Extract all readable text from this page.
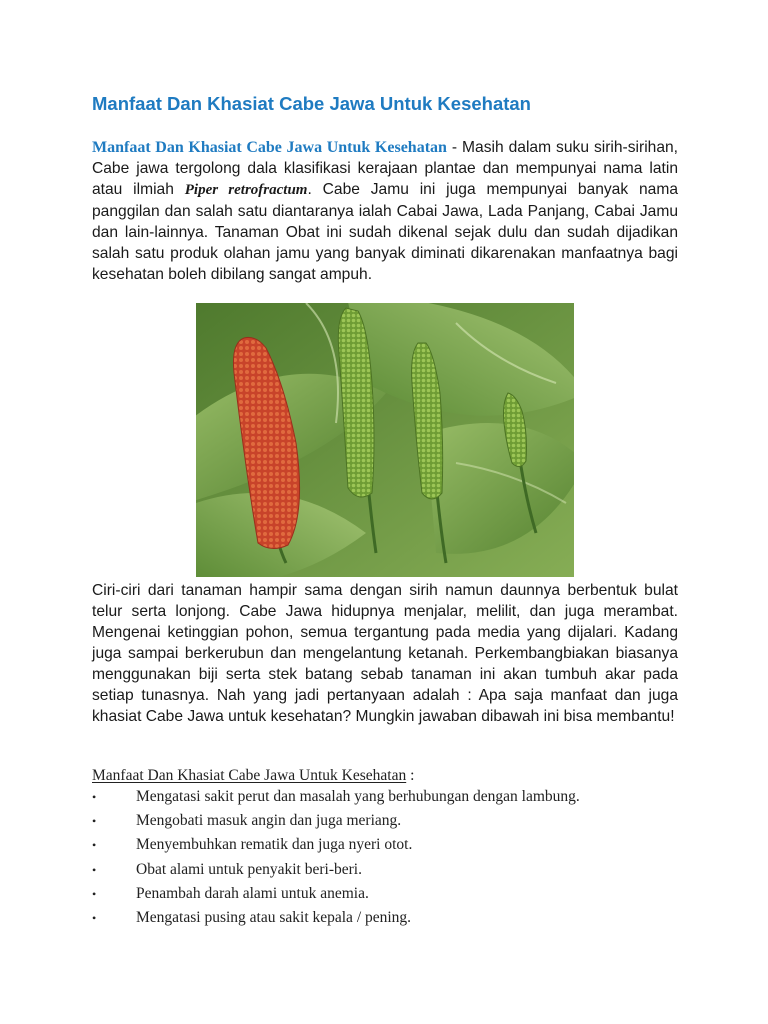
Manfaat Dan Khasiat Cabe Jawa Untuk Kesehatan

Manfaat Dan Khasiat Cabe Jawa Untuk Kesehatan - Masih dalam suku sirih-sirihan, Cabe jawa tergolong dala klasifikasi kerajaan plantae dan mempunyai nama latin atau ilmiah Piper retrofractum. Cabe Jamu ini juga mempunyai banyak nama panggilan dan salah satu diantaranya ialah Cabai Jawa, Lada Panjang, Cabai Jamu dan lain-lainnya. Tanaman Obat ini sudah dikenal sejak dulu dan sudah dijadikan salah satu produk olahan jamu yang banyak diminati dikarenakan manfaatnya bagi kesehatan boleh dibilang sangat ampuh.

Ciri-ciri dari tanaman hampir sama dengan sirih namun daunnya berbentuk bulat telur serta lonjong. Cabe Jawa hidupnya menjalar, melilit, dan juga merambat. Mengenai ketinggian pohon, semua tergantung pada media yang dijalari. Kadang juga sampai berkerubun dan mengelantung ketanah. Perkembangbiakan biasanya menggunakan biji serta stek batang sebab tanaman ini akan tumbuh akar pada setiap tunasnya. Nah yang jadi pertanyaan adalah : Apa saja manfaat dan juga khasiat Cabe Jawa untuk kesehatan? Mungkin jawaban dibawah ini bisa membantu!

Manfaat Dan Khasiat Cabe Jawa Untuk Kesehatan :

•	Mengatasi sakit perut dan masalah yang berhubungan dengan lambung.
•	Mengobati masuk angin dan juga meriang.
•	Menyembuhkan rematik dan juga nyeri otot.
•	Obat alami untuk penyakit beri-beri.
•	Penambah darah alami untuk anemia.
•	Mengatasi pusing atau sakit kepala / pening.
